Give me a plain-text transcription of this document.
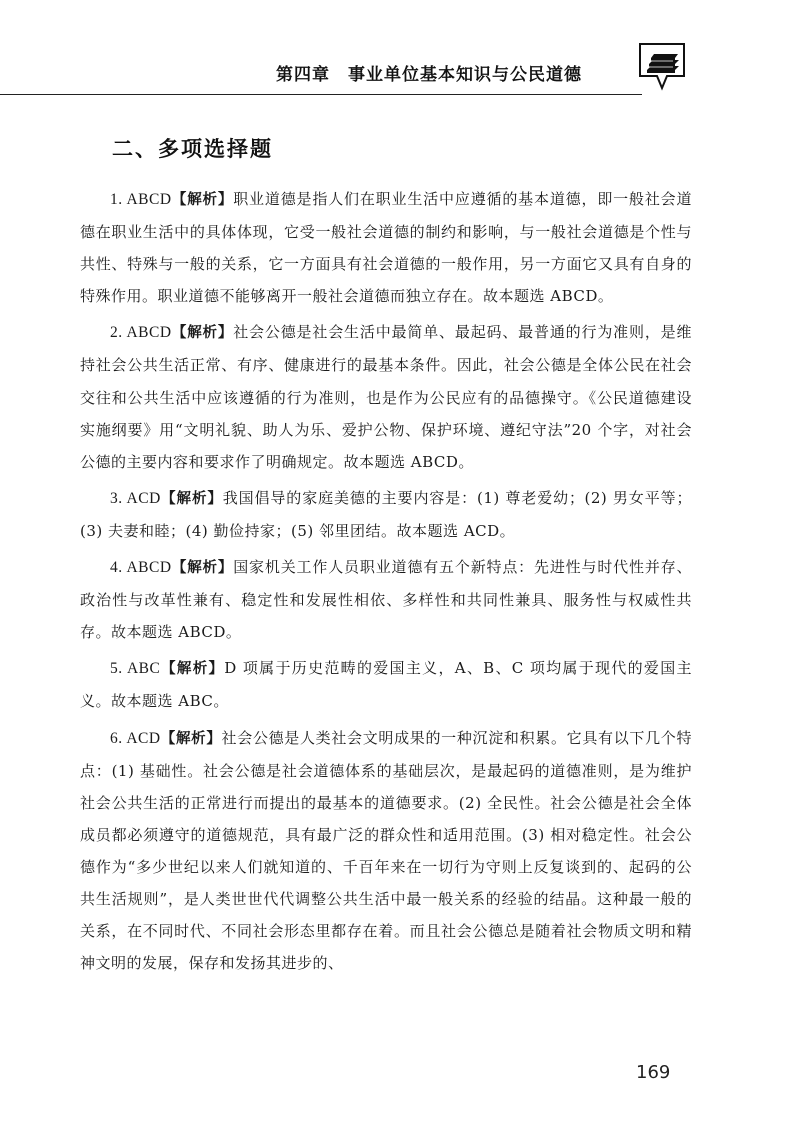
第四章　事业单位基本知识与公民道德
二、多项选择题

1. ABCD【解析】职业道德是指人们在职业生活中应遵循的基本道德，即一般社会道德在职业生活中的具体体现，它受一般社会道德的制约和影响，与一般社会道德是个性与共性、特殊与一般的关系，它一方面具有社会道德的一般作用，另一方面它又具有自身的特殊作用。职业道德不能够离开一般社会道德而独立存在。故本题选 ABCD。

2. ABCD【解析】社会公德是社会生活中最简单、最起码、最普通的行为准则，是维持社会公共生活正常、有序、健康进行的最基本条件。因此，社会公德是全体公民在社会交往和公共生活中应该遵循的行为准则，也是作为公民应有的品德操守。《公民道德建设实施纲要》用“文明礼貌、助人为乐、爱护公物、保护环境、遵纪守法”20 个字，对社会公德的主要内容和要求作了明确规定。故本题选 ABCD。

3. ACD【解析】我国倡导的家庭美德的主要内容是：(1) 尊老爱幼；(2) 男女平等；(3) 夫妻和睦；(4) 勤俭持家；(5) 邻里团结。故本题选 ACD。

4. ABCD【解析】国家机关工作人员职业道德有五个新特点：先进性与时代性并存、政治性与改革性兼有、稳定性和发展性相依、多样性和共同性兼具、服务性与权威性共存。故本题选 ABCD。

5. ABC【解析】D 项属于历史范畴的爱国主义，A、B、C 项均属于现代的爱国主义。故本题选 ABC。

6. ACD【解析】社会公德是人类社会文明成果的一种沉淀和积累。它具有以下几个特点：(1) 基础性。社会公德是社会道德体系的基础层次，是最起码的道德准则，是为维护社会公共生活的正常进行而提出的最基本的道德要求。(2) 全民性。社会公德是社会全体成员都必须遵守的道德规范，具有最广泛的群众性和适用范围。(3) 相对稳定性。社会公德作为“多少世纪以来人们就知道的、千百年来在一切行为守则上反复谈到的、起码的公共生活规则”，是人类世世代代调整公共生活中最一般关系的经验的结晶。这种最一般的关系，在不同时代、不同社会形态里都存在着。而且社会公德总是随着社会物质文明和精神文明的发展，保存和发扬其进步的、

169
